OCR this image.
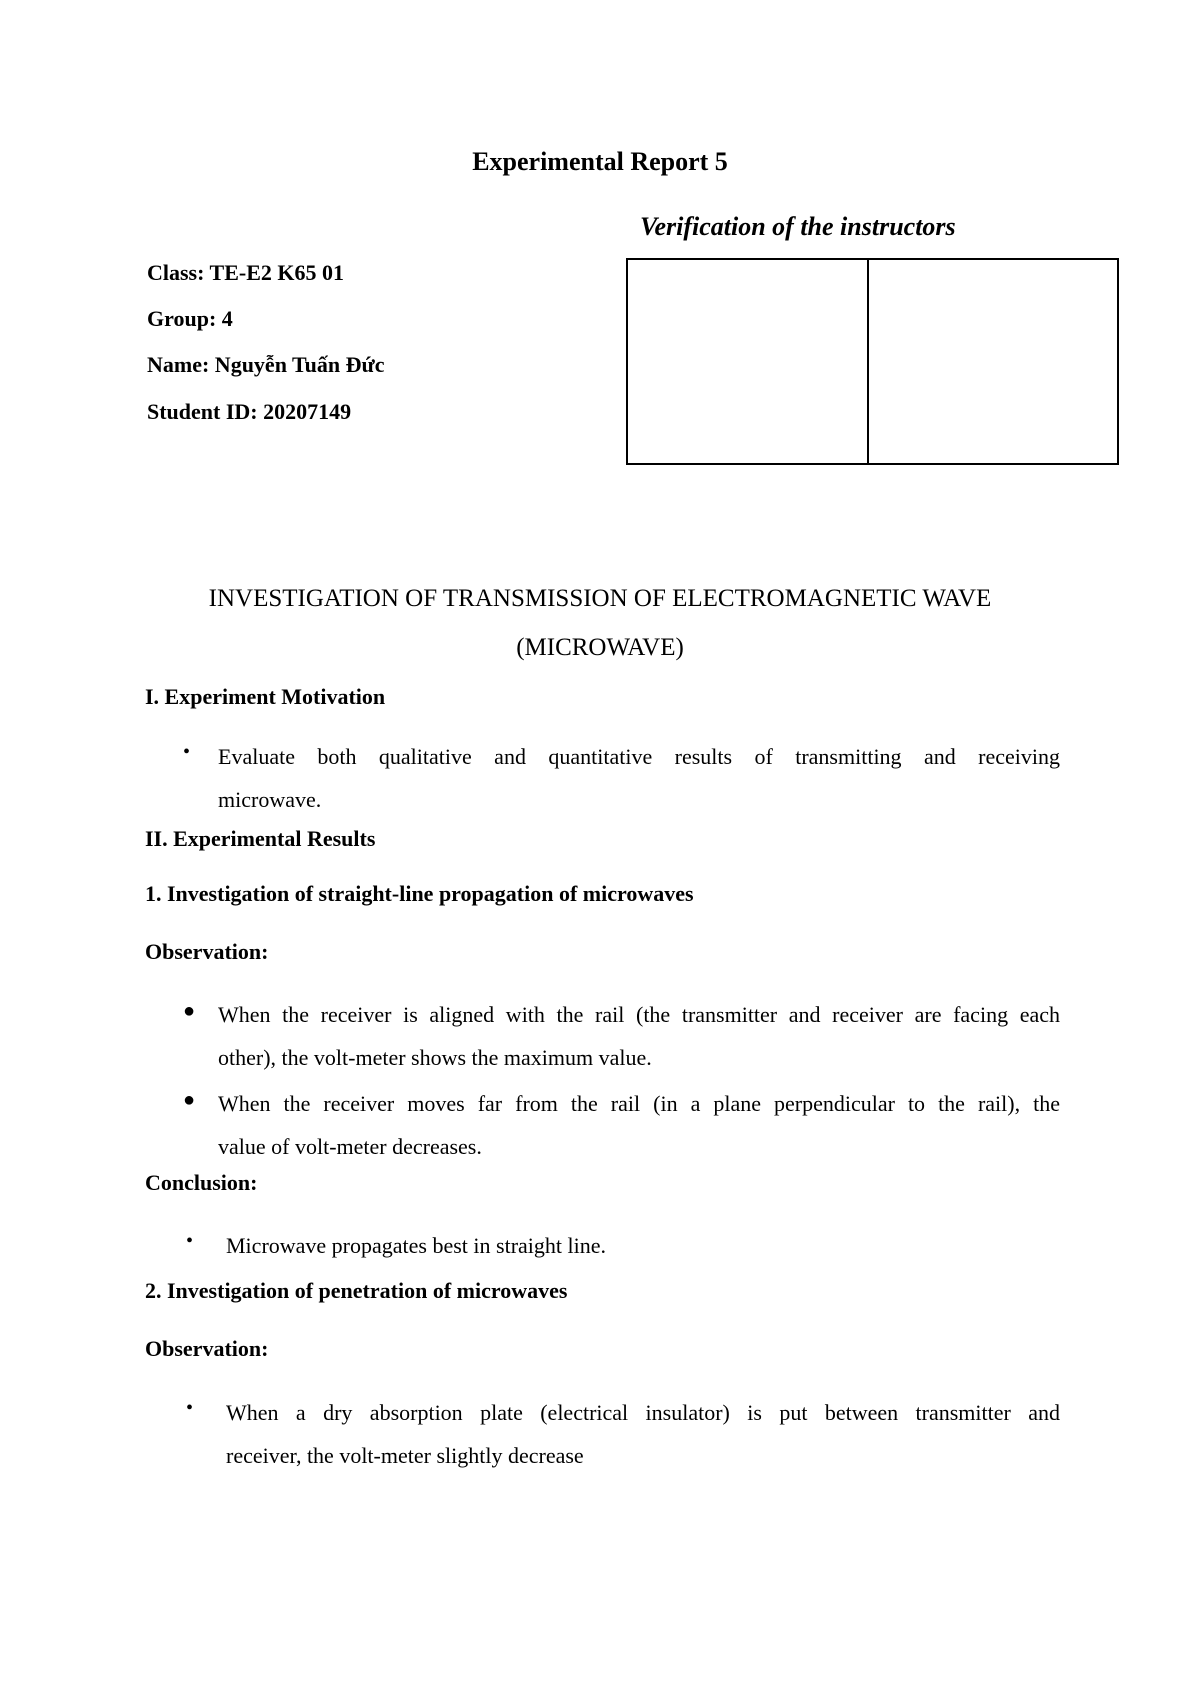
Experimental Report 5

Verification of the instructors

Class: TE-E2 K65 01

Group: 4

Name: Nguyễn Tuấn Đức

Student ID: 20207149

INVESTIGATION OF TRANSMISSION OF ELECTROMAGNETIC WAVE

(MICROWAVE)

I. Experiment Motivation

• Evaluate both qualitative and quantitative results of transmitting and receiving
microwave.

II. Experimental Results

1. Investigation of straight-line propagation of microwaves

Observation:

● When the receiver is aligned with the rail (the transmitter and receiver are facing each
other), the volt-meter shows the maximum value.
● When the receiver moves far from the rail (in a plane perpendicular to the rail), the
value of volt-meter decreases.

Conclusion:

• Microwave propagates best in straight line.

2. Investigation of penetration of microwaves

Observation:

• When a dry absorption plate (electrical insulator) is put between transmitter and
receiver, the volt-meter slightly decrease
